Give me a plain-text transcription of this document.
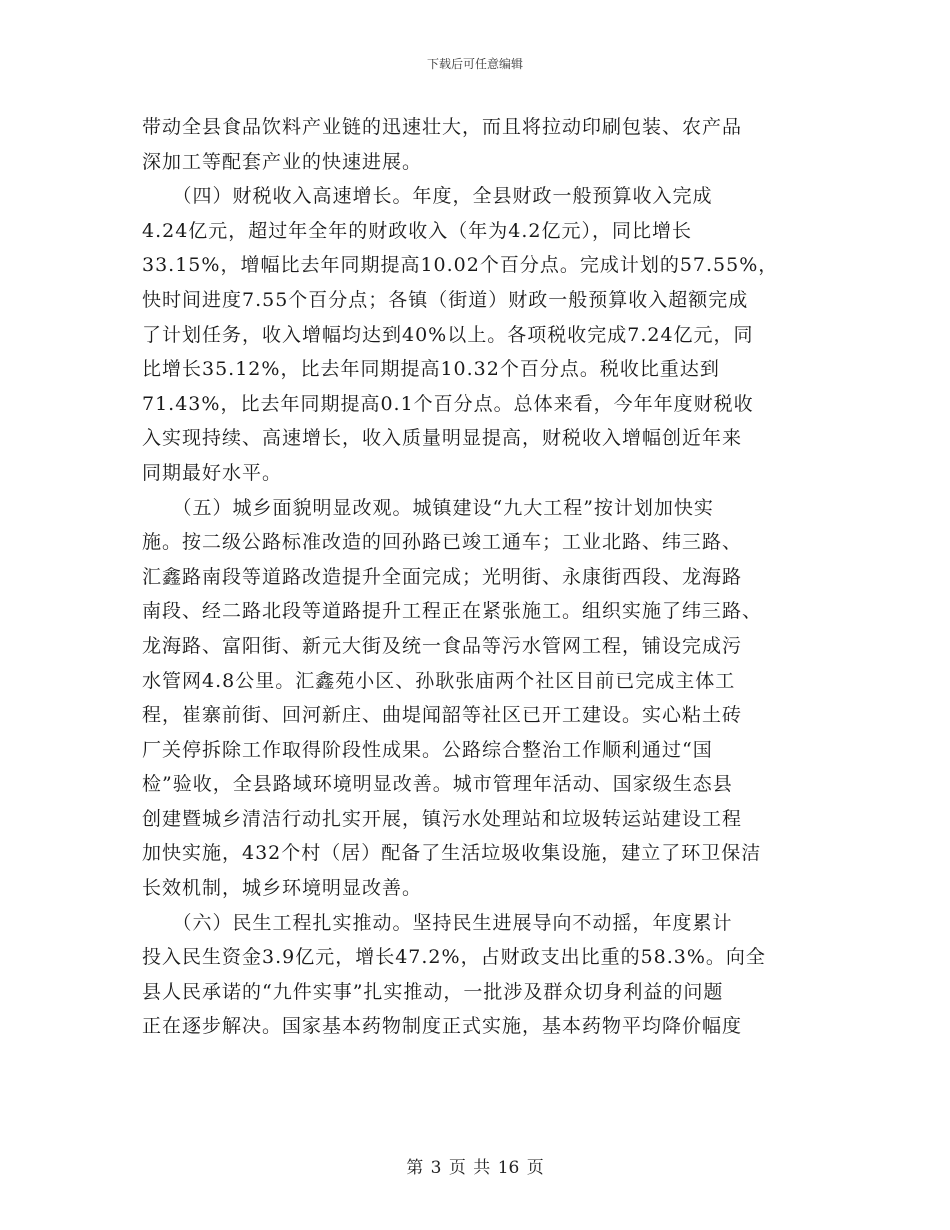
下载后可任意编辑
带动全县食品饮料产业链的迅速壮大，而且将拉动印刷包装、农产品
深加工等配套产业的快速进展。
　　（四）财税收入高速增长。年度，全县财政一般预算收入完成
4.24亿元，超过年全年的财政收入（年为4.2亿元），同比增长
33.15%，增幅比去年同期提高10.02个百分点。完成计划的57.55%，
快时间进度7.55个百分点；各镇（街道）财政一般预算收入超额完成
了计划任务，收入增幅均达到40%以上。各项税收完成7.24亿元，同
比增长35.12%，比去年同期提高10.32个百分点。税收比重达到
71.43%，比去年同期提高0.1个百分点。总体来看，今年年度财税收
入实现持续、高速增长，收入质量明显提高，财税收入增幅创近年来
同期最好水平。
　　（五）城乡面貌明显改观。城镇建设“九大工程”按计划加快实
施。按二级公路标准改造的回孙路已竣工通车；工业北路、纬三路、
汇鑫路南段等道路改造提升全面完成；光明街、永康街西段、龙海路
南段、经二路北段等道路提升工程正在紧张施工。组织实施了纬三路、
龙海路、富阳街、新元大街及统一食品等污水管网工程，铺设完成污
水管网4.8公里。汇鑫苑小区、孙耿张庙两个社区目前已完成主体工
程，崔寨前街、回河新庄、曲堤闻韶等社区已开工建设。实心粘土砖
厂关停拆除工作取得阶段性成果。公路综合整治工作顺利通过“国
检”验收，全县路域环境明显改善。城市管理年活动、国家级生态县
创建暨城乡清洁行动扎实开展，镇污水处理站和垃圾转运站建设工程
加快实施，432个村（居）配备了生活垃圾收集设施，建立了环卫保洁
长效机制，城乡环境明显改善。
　　（六）民生工程扎实推动。坚持民生进展导向不动摇，年度累计
投入民生资金3.9亿元，增长47.2%，占财政支出比重的58.3%。向全
县人民承诺的“九件实事”扎实推动，一批涉及群众切身利益的问题
正在逐步解决。国家基本药物制度正式实施，基本药物平均降价幅度
第 3 页 共 16 页
